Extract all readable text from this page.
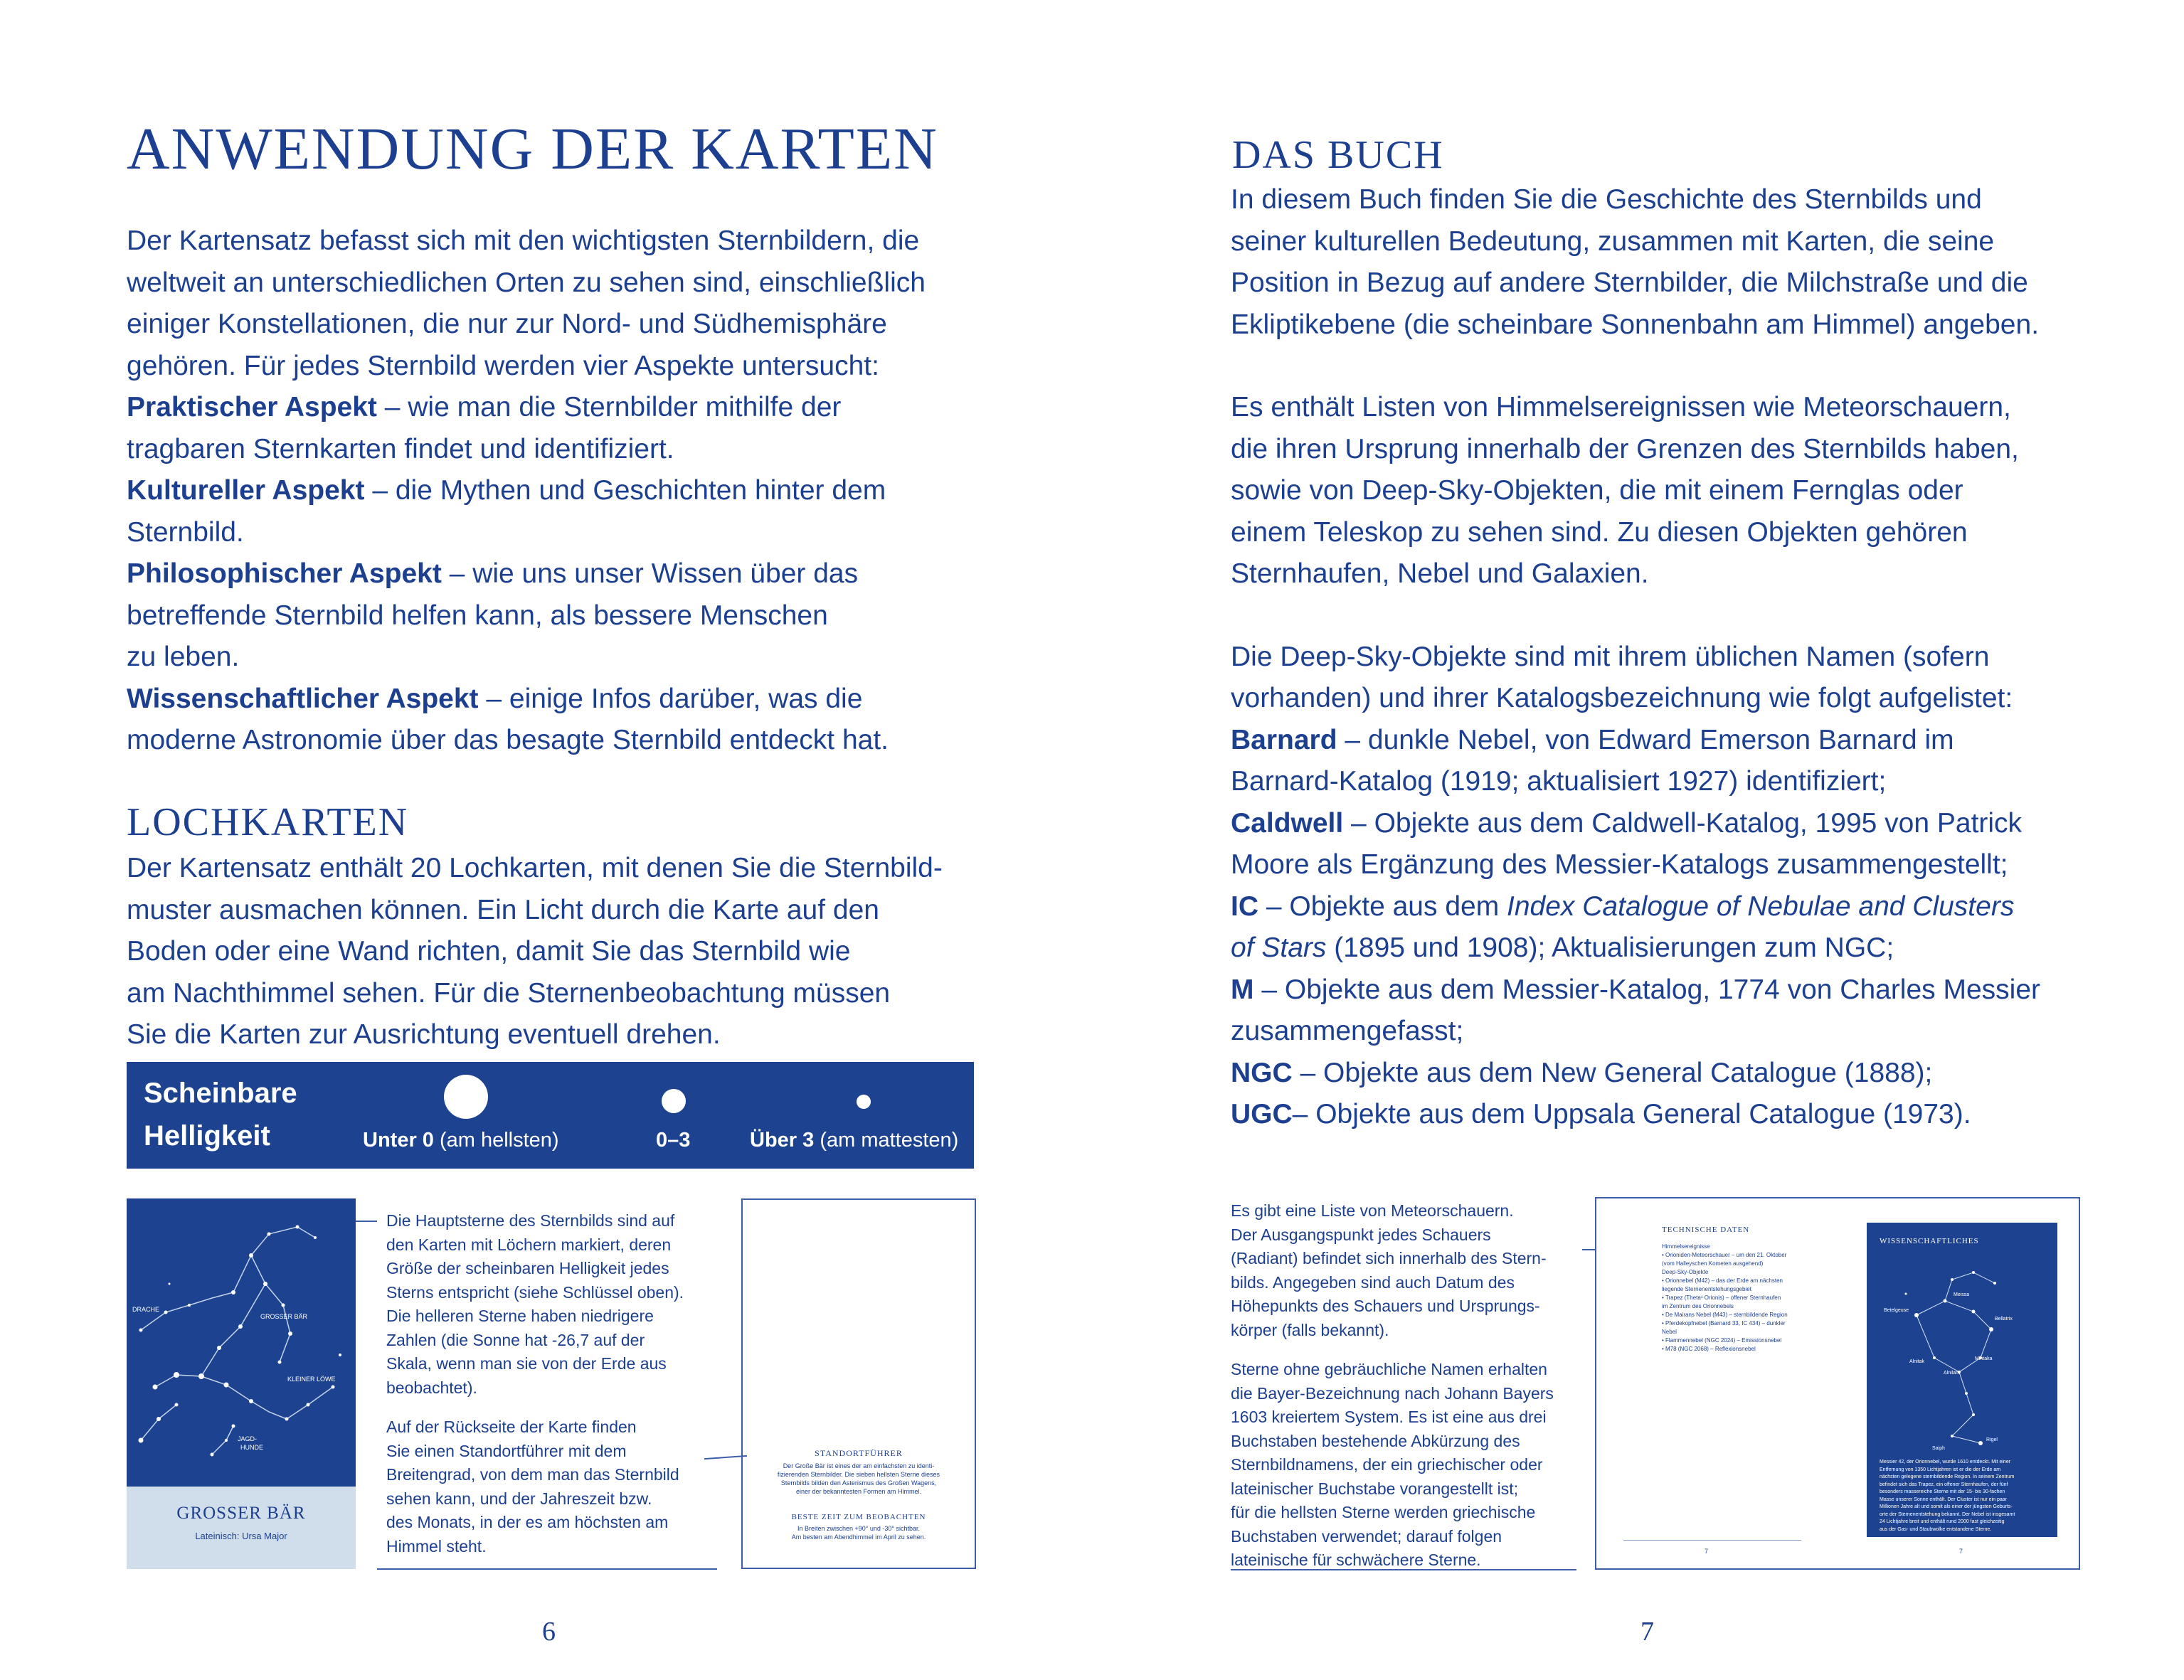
ANWENDUNG DER KARTEN
Der Kartensatz befasst sich mit den wichtigsten Sternbildern, die
weltweit an unterschiedlichen Orten zu sehen sind, einschließlich
einiger Konstellationen, die nur zur Nord- und Südhemisphäre
gehören. Für jedes Sternbild werden vier Aspekte untersucht:
Praktischer Aspekt – wie man die Sternbilder mithilfe der
tragbaren Sternkarten findet und identifiziert.
Kultureller Aspekt – die Mythen und Geschichten hinter dem
Sternbild.
Philosophischer Aspekt – wie uns unser Wissen über das
betreffende Sternbild helfen kann, als bessere Menschen
zu leben.
Wissenschaftlicher Aspekt – einige Infos darüber, was die
moderne Astronomie über das besagte Sternbild entdeckt hat.
LOCHKARTEN
Der Kartensatz enthält 20 Lochkarten, mit denen Sie die Sternbild-
muster ausmachen können. Ein Licht durch die Karte auf den
Boden oder eine Wand richten, damit Sie das Sternbild wie
am Nachthimmel sehen. Für die Sternenbeobachtung müssen
Sie die Karten zur Ausrichtung eventuell drehen.
Scheinbare
Helligkeit	Unter 0 (am hellsten)	0–3	Über 3 (am mattesten)
DRACHE
GROSSER BÄR
KLEINER LÖWE
JAGD-
HUNDE
GROSSER BÄR
Lateinisch: Ursa Major

Die Hauptsterne des Sternbilds sind auf
den Karten mit Löchern markiert, deren
Größe der scheinbaren Helligkeit jedes
Sterns entspricht (siehe Schlüssel oben).
Die helleren Sterne haben niedrigere
Zahlen (die Sonne hat -26,7 auf der
Skala, wenn man sie von der Erde aus
beobachtet).

Auf der Rückseite der Karte finden
Sie einen Standortführer mit dem
Breitengrad, von dem man das Sternbild
sehen kann, und der Jahreszeit bzw.
des Monats, in der es am höchsten am
Himmel steht.

STANDORTFÜHRER
Der Große Bär ist eines der am einfachsten zu identi-
fizierenden Sternbilder. Die sieben hellsten Sterne dieses
Sternbilds bilden den Asterismus des Großen Wagens,
einer der bekanntesten Formen am Himmel.
BESTE ZEIT ZUM BEOBACHTEN
In Breiten zwischen +90° und -30° sichtbar.
Am besten am Abendhimmel im April zu sehen.
6
DAS BUCH
In diesem Buch finden Sie die Geschichte des Sternbilds und
seiner kulturellen Bedeutung, zusammen mit Karten, die seine
Position in Bezug auf andere Sternbilder, die Milchstraße und die
Ekliptikebene (die scheinbare Sonnenbahn am Himmel) angeben.
Es enthält Listen von Himmelsereignissen wie Meteorschauern,
die ihren Ursprung innerhalb der Grenzen des Sternbilds haben,
sowie von Deep-Sky-Objekten, die mit einem Fernglas oder
einem Teleskop zu sehen sind. Zu diesen Objekten gehören
Sternhaufen, Nebel und Galaxien.
Die Deep-Sky-Objekte sind mit ihrem üblichen Namen (sofern
vorhanden) und ihrer Katalogsbezeichnung wie folgt aufgelistet:
Barnard – dunkle Nebel, von Edward Emerson Barnard im
Barnard-Katalog (1919; aktualisiert 1927) identifiziert;
Caldwell – Objekte aus dem Caldwell-Katalog, 1995 von Patrick
Moore als Ergänzung des Messier-Katalogs zusammengestellt;
IC – Objekte aus dem Index Catalogue of Nebulae and Clusters
of Stars (1895 und 1908); Aktualisierungen zum NGC;
M – Objekte aus dem Messier-Katalog, 1774 von Charles Messier
zusammengefasst;
NGC – Objekte aus dem New General Catalogue (1888);
UGC– Objekte aus dem Uppsala General Catalogue (1973).

Es gibt eine Liste von Meteorschauern.
Der Ausgangspunkt jedes Schauers
(Radiant) befindet sich innerhalb des Stern-
bilds. Angegeben sind auch Datum des
Höhepunkts des Schauers und Ursprungs-
körper (falls bekannt).

Sterne ohne gebräuchliche Namen erhalten
die Bayer-Bezeichnung nach Johann Bayers
1603 kreiertem System. Es ist eine aus drei
Buchstaben bestehende Abkürzung des
Sternbildnamens, der ein griechischer oder
lateinischer Buchstabe vorangestellt ist;
für die hellsten Sterne werden griechische
Buchstaben verwendet; darauf folgen
lateinische für schwächere Sterne.

TECHNISCHE DATEN
Himmelsereignisse
• Orioniden-Meteorschauer – um den 21. Oktober
(vom Halleyschen Kometen ausgehend)
Deep-Sky-Objekte
• Orionnebel (M42) – das der Erde am nächsten
liegende Sternenentstehungsgebiet
• Trapez (Theta¹ Orionis) – offener Sternhaufen
im Zentrum des Orionnebels
• De Mairans Nebel (M43) – sternbildende Region
• Pferdekopfnebel (Barnard 33, IC 434) – dunkler
Nebel
• Flammennebel (NGC 2024) – Emissionsnebel
• M78 (NGC 2068) – Reflexionsnebel
7
WISSENSCHAFTLICHES
Betelgeuse
Meissa
Bellatrix
Alnitak
Alnilam
Mintaka
Rigel
Saiph
Messier 42, der Orionnebel, wurde 1610 entdeckt. Mit einer
Entfernung von 1350 Lichtjahren ist er die der Erde am
nächsten gelegene sternbildende Region. In seinem Zentrum
befindet sich das Trapez, ein offener Sternhaufen, der fünf
besonders massereiche Sterne mit der 15- bis 30-fachen
Masse unserer Sonne enthält. Der Cluster ist nur ein paar
Millionen Jahre alt und somit als einer der jüngsten Geburts-
orte der Sternenentstehung bekannt. Der Nebel ist insgesamt
24 Lichtjahre breit und enthält rund 2000 fast gleichzeitig
aus der Gas- und Staubwolke entstandene Sterne.
7
7
